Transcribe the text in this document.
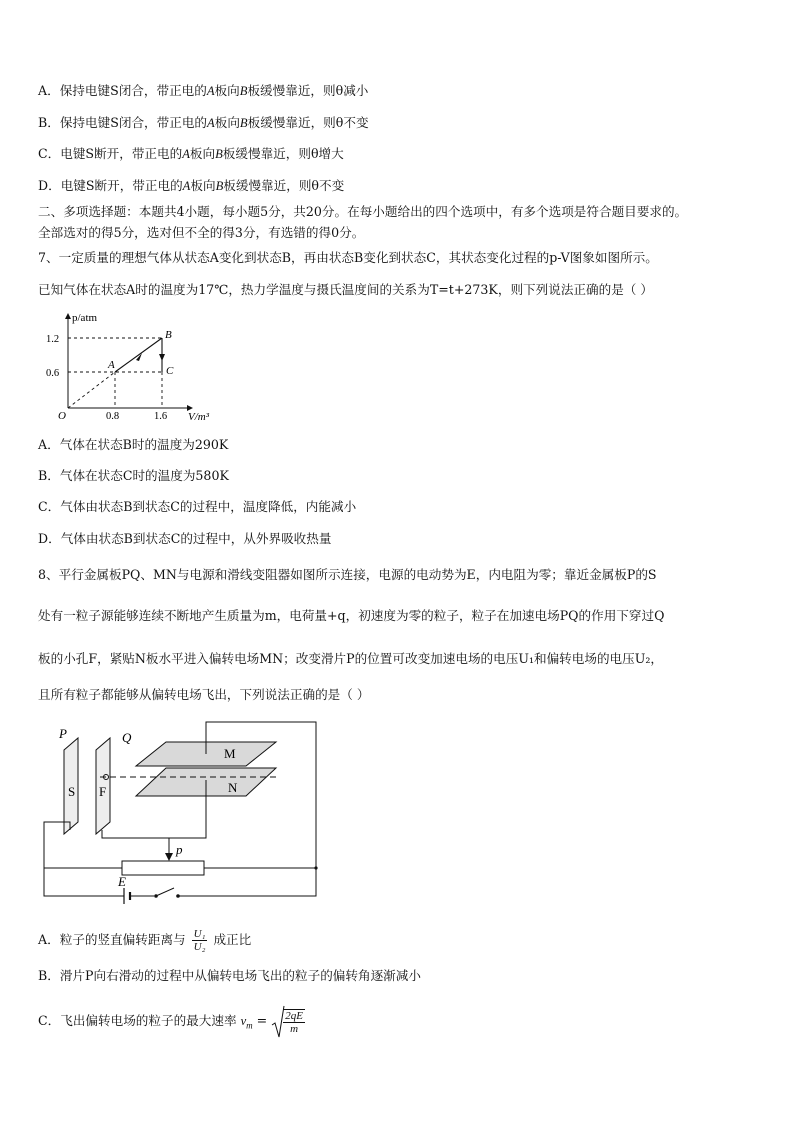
A．保持电键S闭合，带正电的A板向B板缓慢靠近，则θ减小
B．保持电键S闭合，带正电的A板向B板缓慢靠近，则θ不变
C．电键S断开，带正电的A板向B板缓慢靠近，则θ增大
D．电键S断开，带正电的A板向B板缓慢靠近，则θ不变
二、多项选择题：本题共4小题，每小题5分，共20分。在每小题给出的四个选项中，有多个选项是符合题目要求的。
全部选对的得5分，选对但不全的得3分，有选错的得0分。
7、一定质量的理想气体从状态A变化到状态B，再由状态B变化到状态C，其状态变化过程的p-V图象如图所示。
已知气体在状态A时的温度为17℃，热力学温度与摄氏温度间的关系为T=t+273K，则下列说法正确的是（ ）
p/atm
V/m³
O
1.2
0.6
0.8	1.6
A
B
C
A．气体在状态B时的温度为290K
B．气体在状态C时的温度为580K
C．气体由状态B到状态C的过程中，温度降低，内能减小
D．气体由状态B到状态C的过程中，从外界吸收热量
8、平行金属板PQ、MN与电源和滑线变阻器如图所示连接，电源的电动势为E，内电阻为零；靠近金属板P的S
处有一粒子源能够连续不断地产生质量为m，电荷量+q，初速度为零的粒子，粒子在加速电场PQ的作用下穿过Q
板的小孔F，紧贴N板水平进入偏转电场MN；改变滑片P的位置可改变加速电场的电压U₁和偏转电场的电压U₂，
且所有粒子都能够从偏转电场飞出，下列说法正确的是（ ）
P	Q
S F
M
N
p
E
A．粒子的竖直偏转距离与 $\frac{\text{U₁}}{\text{U₂}}$ 成正比
B．滑片P向右滑动的过程中从偏转电场飞出的粒子的偏转角逐渐减小
C．飞出偏转电场的粒子的最大速率 $v_m = \frac{2qE}{m}$
